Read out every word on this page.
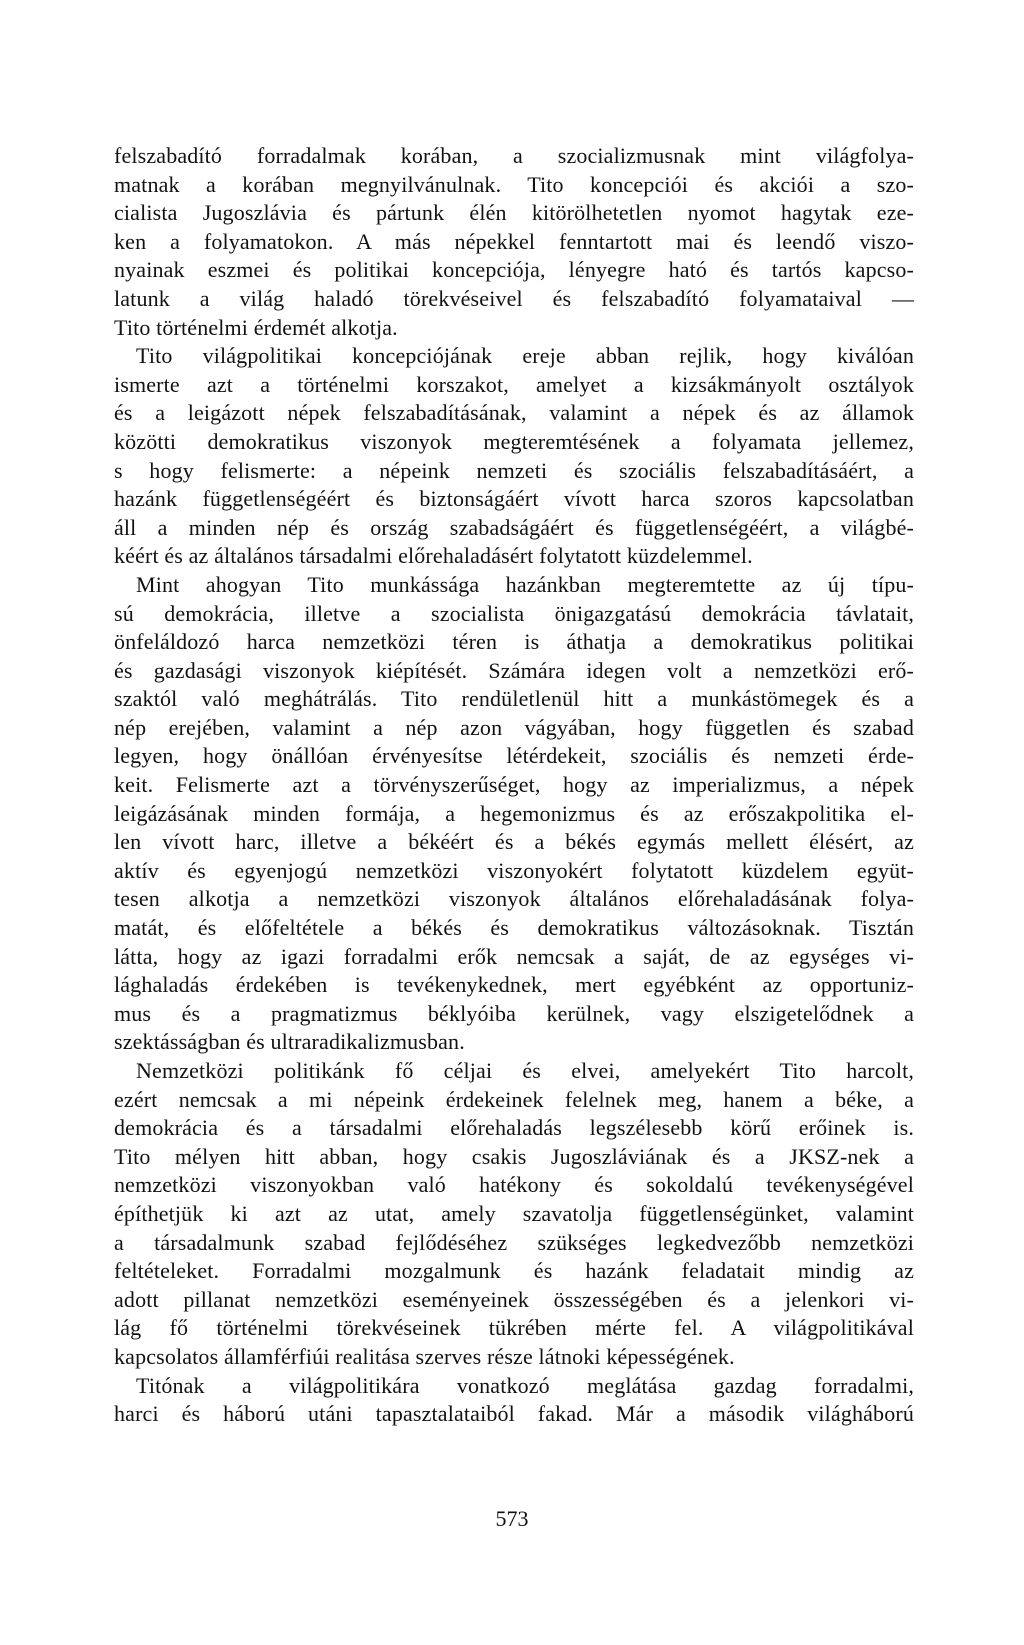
felszabadító forradalmak korában, a szocializmusnak mint világfolya-
matnak a korában megnyilvánulnak. Tito koncepciói és akciói a szo-
cialista Jugoszlávia és pártunk élén kitörölhetetlen nyomot hagytak eze-
ken a folyamatokon. A más népekkel fenntartott mai és leendő viszo-
nyainak eszmei és politikai koncepciója, lényegre ható és tartós kapcso-
latunk a világ haladó törekvéseivel és felszabadító folyamataival —
Tito történelmi érdemét alkotja.

Tito világpolitikai koncepciójának ereje abban rejlik, hogy kiválóan
ismerte azt a történelmi korszakot, amelyet a kizsákmányolt osztályok
és a leigázott népek felszabadításának, valamint a népek és az államok
közötti demokratikus viszonyok megteremtésének a folyamata jellemez,
s hogy felismerte: a népeink nemzeti és szociális felszabadításáért, a
hazánk függetlenségéért és biztonságáért vívott harca szoros kapcsolatban
áll a minden nép és ország szabadságáért és függetlenségéért, a világbé-
kéért és az általános társadalmi előrehaladásért folytatott küzdelemmel.

Mint ahogyan Tito munkássága hazánkban megteremtette az új típu-
sú demokrácia, illetve a szocialista önigazgatású demokrácia távlatait,
önfeláldozó harca nemzetközi téren is áthatja a demokratikus politikai
és gazdasági viszonyok kiépítését. Számára idegen volt a nemzetközi erő-
szaktól való meghátrálás. Tito rendületlenül hitt a munkástömegek és a
nép erejében, valamint a nép azon vágyában, hogy független és szabad
legyen, hogy önállóan érvényesítse létérdekeit, szociális és nemzeti érde-
keit. Felismerte azt a törvényszerűséget, hogy az imperializmus, a népek
leigázásának minden formája, a hegemonizmus és az erőszakpolitika el-
len vívott harc, illetve a békéért és a békés egymás mellett élésért, az
aktív és egyenjogú nemzetközi viszonyokért folytatott küzdelem együt-
tesen alkotja a nemzetközi viszonyok általános előrehaladásának folya-
matát, és előfeltétele a békés és demokratikus változásoknak. Tisztán
látta, hogy az igazi forradalmi erők nemcsak a saját, de az egységes vi-
lághaladás érdekében is tevékenykednek, mert egyébként az opportuniz-
mus és a pragmatizmus béklyóiba kerülnek, vagy elszigetelődnek a
szektásságban és ultraradikalizmusban.

Nemzetközi politikánk fő céljai és elvei, amelyekért Tito harcolt,
ezért nemcsak a mi népeink érdekeinek felelnek meg, hanem a béke, a
demokrácia és a társadalmi előrehaladás legszélesebb körű erőinek is.
Tito mélyen hitt abban, hogy csakis Jugoszláviának és a JKSZ-nek a
nemzetközi viszonyokban való hatékony és sokoldalú tevékenységével
építhetjük ki azt az utat, amely szavatolja függetlenségünket, valamint
a társadalmunk szabad fejlődéséhez szükséges legkedvezőbb nemzetközi
feltételeket. Forradalmi mozgalmunk és hazánk feladatait mindig az
adott pillanat nemzetközi eseményeinek összességében és a jelenkori vi-
lág fő történelmi törekvéseinek tükrében mérte fel. A világpolitikával
kapcsolatos államférfiúi realitása szerves része látnoki képességének.

Titónak a világpolitikára vonatkozó meglátása gazdag forradalmi,
harci és háború utáni tapasztalataiból fakad. Már a második világháború

573
